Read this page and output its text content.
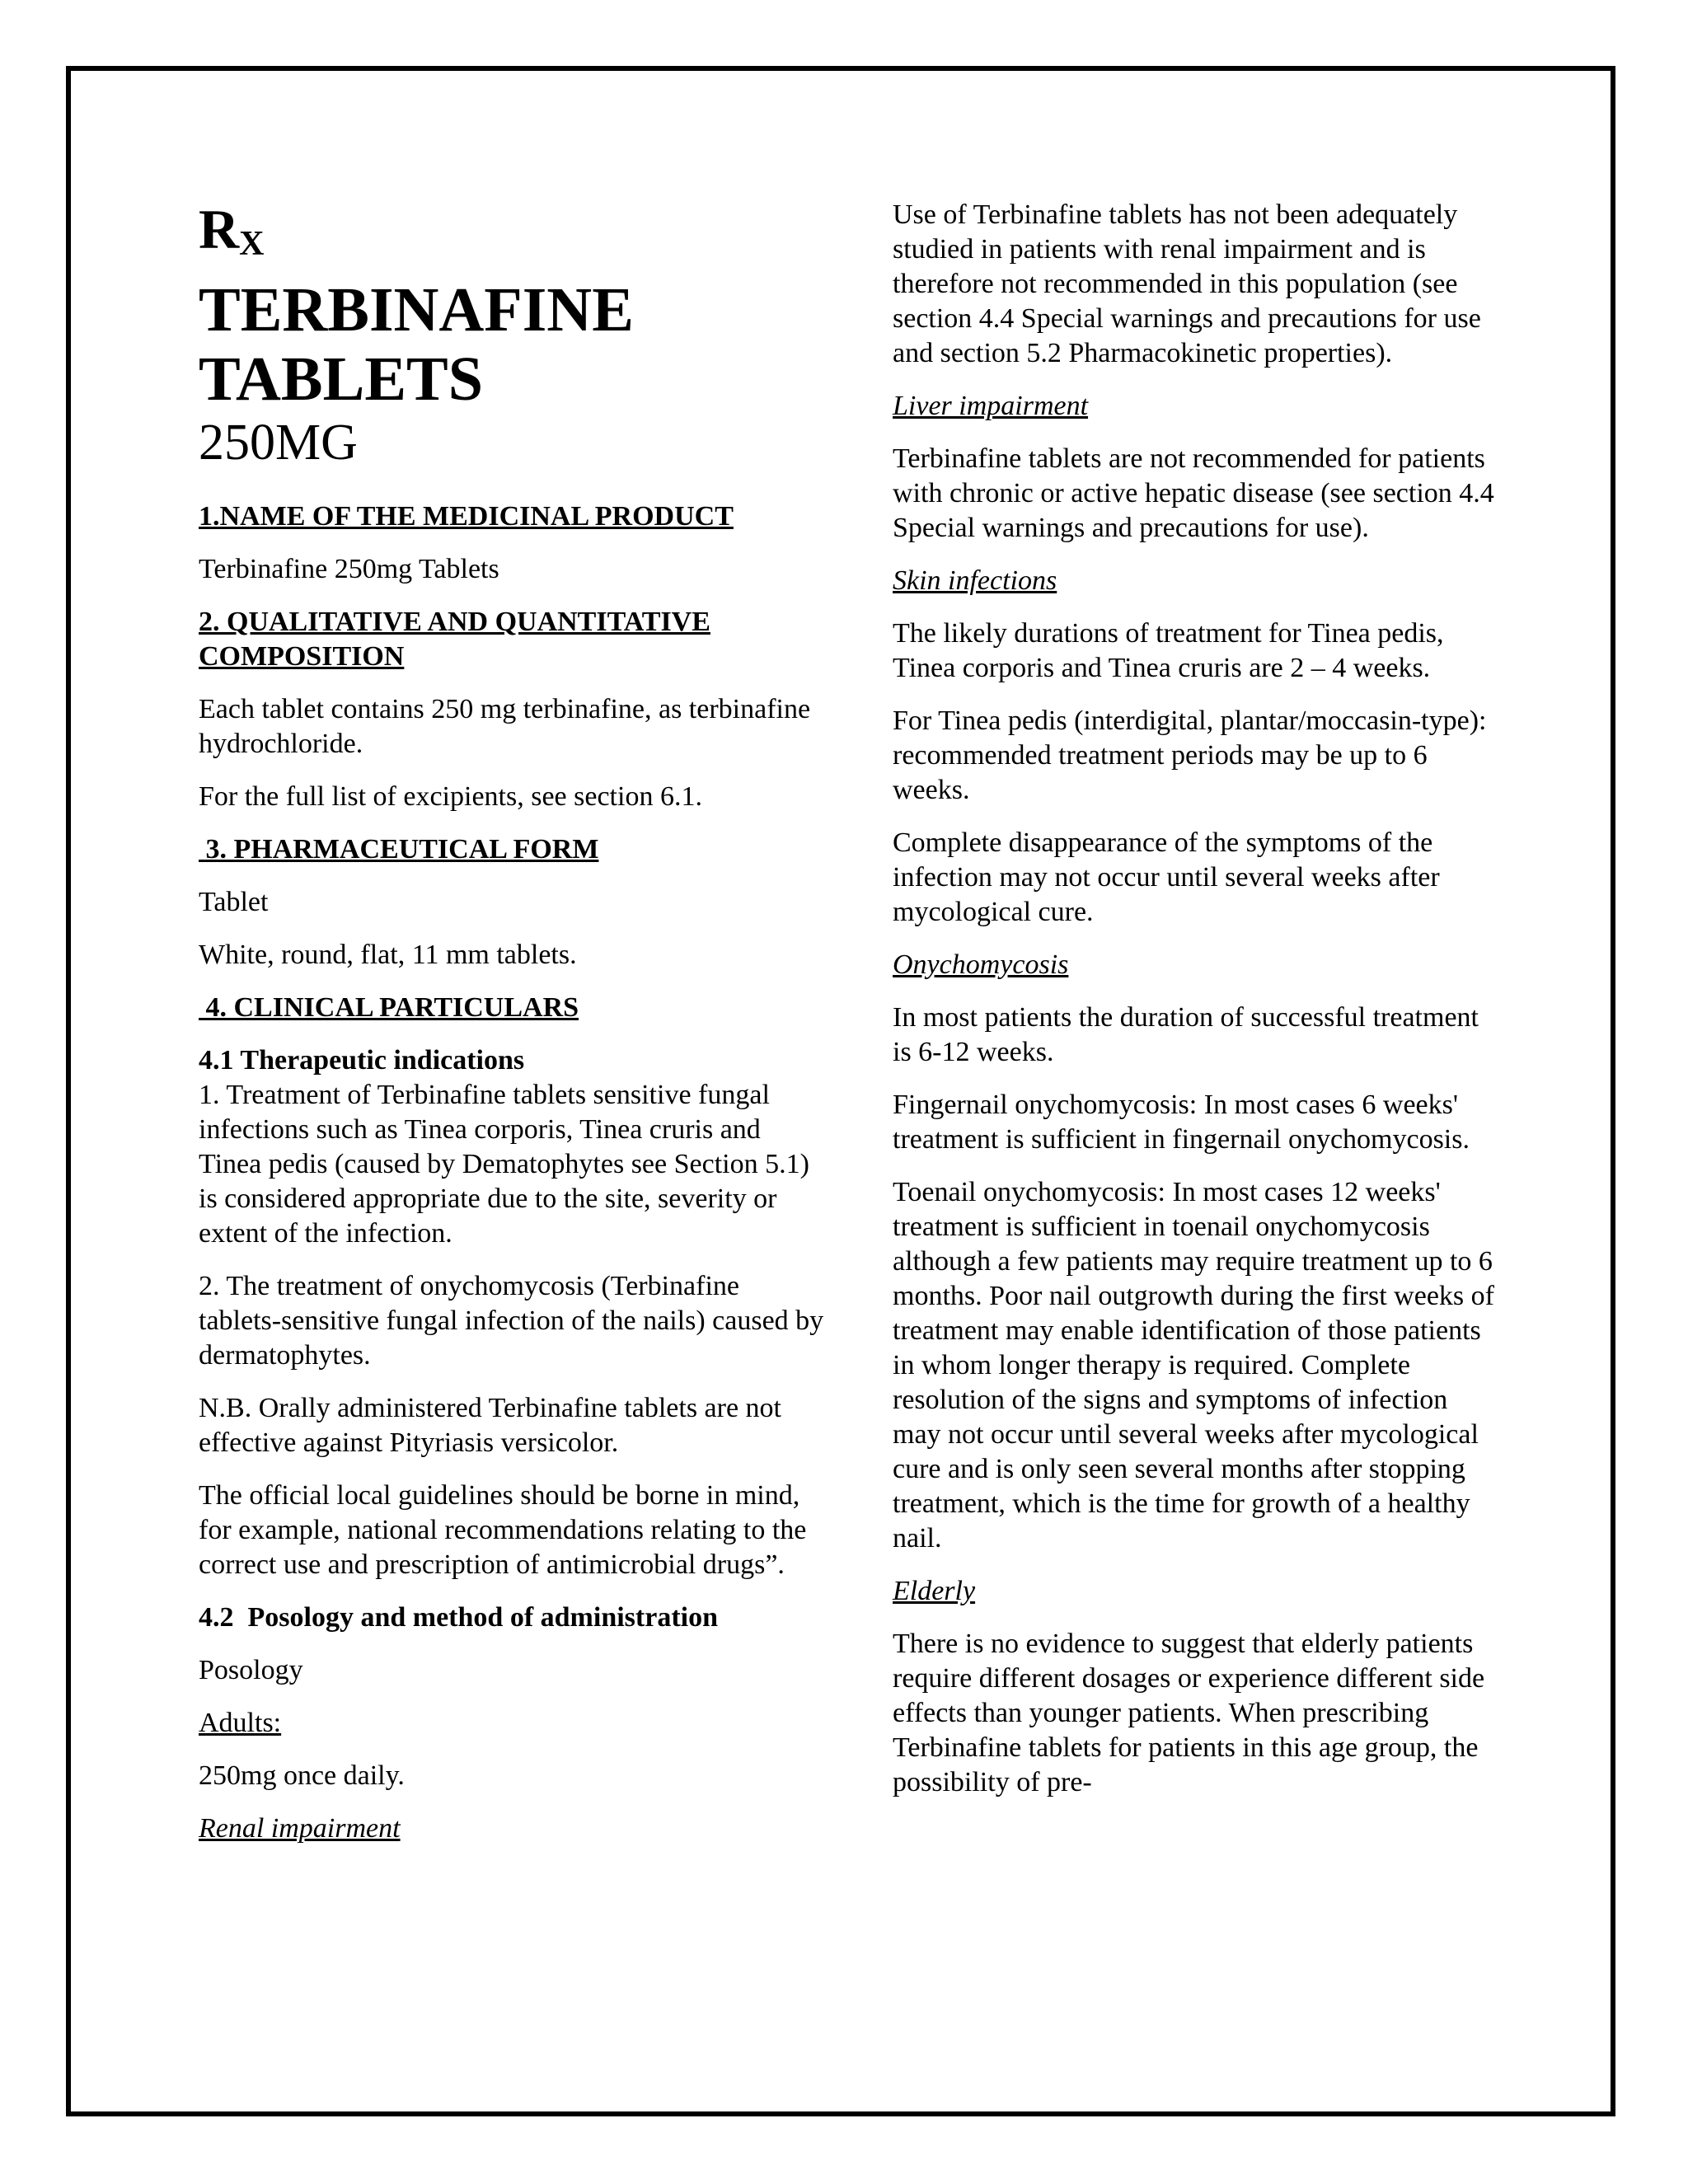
$R_X$
TERBINAFINE
TABLETS
250MG
1.NAME OF THE MEDICINAL PRODUCT

Terbinafine 250mg Tablets

2. QUALITATIVE AND QUANTITATIVE COMPOSITION

Each tablet contains 250 mg terbinafine, as terbinafine hydrochloride.

For the full list of excipients, see section 6.1.

3. PHARMACEUTICAL FORM

Tablet

White, round, flat, 11 mm tablets.

4. CLINICAL PARTICULARS
4.1 Therapeutic indications

1. Treatment of Terbinafine tablets sensitive fungal infections such as Tinea corporis, Tinea cruris and Tinea pedis (caused by Dematophytes see Section 5.1) is considered appropriate due to the site, severity or extent of the infection.

2. The treatment of onychomycosis (Terbinafine tablets-sensitive fungal infection of the nails) caused by dermatophytes.

N.B. Orally administered Terbinafine tablets are not effective against Pityriasis versicolor.

The official local guidelines should be borne in mind, for example, national recommendations relating to the correct use and prescription of antimicrobial drugs”.

4.2  Posology and method of administration

Posology

Adults:

250mg once daily.

Renal impairment

Use of Terbinafine tablets has not been adequately studied in patients with renal impairment and is therefore not recommended in this population (see section 4.4 Special warnings and precautions for use and section 5.2 Pharmacokinetic properties).

Liver impairment

Terbinafine tablets are not recommended for patients with chronic or active hepatic disease (see section 4.4 Special warnings and precautions for use).

Skin infections

The likely durations of treatment for Tinea pedis, Tinea corporis and Tinea cruris are 2 – 4 weeks.

For Tinea pedis (interdigital, plantar/moccasin-type): recommended treatment periods may be up to 6 weeks.

Complete disappearance of the symptoms of the infection may not occur until several weeks after mycological cure.

Onychomycosis

In most patients the duration of successful treatment is 6-12 weeks.

Fingernail onychomycosis: In most cases 6 weeks' treatment is sufficient in fingernail onychomycosis.

Toenail onychomycosis: In most cases 12 weeks' treatment is sufficient in toenail onychomycosis although a few patients may require treatment up to 6 months. Poor nail outgrowth during the first weeks of treatment may enable identification of those patients in whom longer therapy is required. Complete resolution of the signs and symptoms of infection may not occur until several weeks after mycological cure and is only seen several months after stopping treatment, which is the time for growth of a healthy nail.

Elderly

There is no evidence to suggest that elderly patients require different dosages or experience different side effects than younger patients. When prescribing Terbinafine tablets for patients in this age group, the possibility of pre-
